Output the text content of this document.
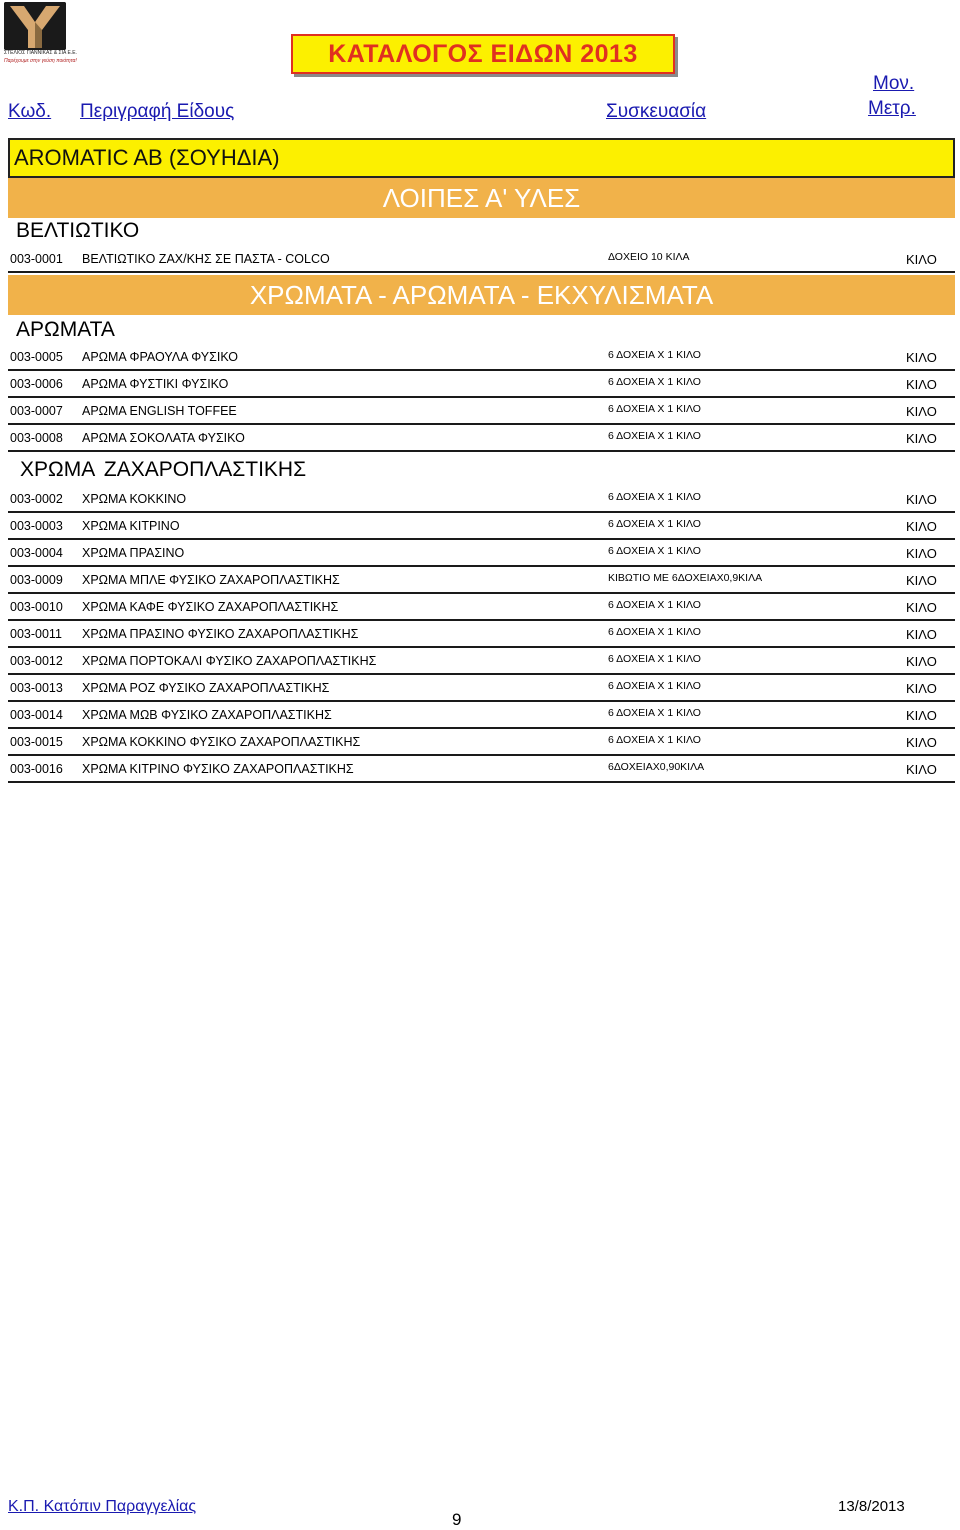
ΣΤΕΛΙΟΣ ΓΙΑΝΝΙΚΑΣ & ΣΙΑ Ε.Ε.
Παρέχουμε στην γεύση ποιότητα!	ΚΑΤΑΛΟΓΟΣ ΕΙΔΩΝ 2013
Κωδ. Περιγραφή Είδους	Συσκευασία
Μον.
Μετρ.
AROMATIC AB (ΣΟΥΗΔΙΑ)
ΛΟΙΠΕΣ Α' ΥΛΕΣ
ΒΕΛΤΙΩΤΙΚΟ
003-0001 ΒΕΛΤΙΩΤΙΚΟ ΖΑΧ/ΚΗΣ ΣΕ ΠΑΣΤΑ - COLCO	ΔΟΧΕΙΟ 10 ΚΙΛΑ	ΚΙΛΟ
ΧΡΩΜΑΤΑ - ΑΡΩΜΑΤΑ - ΕΚΧΥΛΙΣΜΑΤΑ
ΑΡΩΜΑΤΑ
003-0005 ΑΡΩΜΑ ΦΡΑΟΥΛΑ ΦΥΣΙΚΟ	6 ΔΟΧΕΙΑ Χ 1 ΚΙΛΟ	ΚΙΛΟ
003-0006 ΑΡΩΜΑ ΦΥΣΤΙΚΙ ΦΥΣΙΚΟ	6 ΔΟΧΕΙΑ Χ 1 ΚΙΛΟ	ΚΙΛΟ
003-0007 ΑΡΩΜΑ ENGLISH TOFFEE	6 ΔΟΧΕΙΑ Χ 1 ΚΙΛΟ	ΚΙΛΟ
003-0008 ΑΡΩΜΑ ΣΟΚΟΛΑΤΑ ΦΥΣΙΚΟ	6 ΔΟΧΕΙΑ Χ 1 ΚΙΛΟ	ΚΙΛΟ
ΧΡΩΜΑ ΖΑΧΑΡΟΠΛΑΣΤΙΚΗΣ
003-0002 ΧΡΩΜΑ ΚΟΚΚΙΝΟ	6 ΔΟΧΕΙΑ Χ 1 ΚΙΛΟ	ΚΙΛΟ
003-0003 ΧΡΩΜΑ ΚΙΤΡΙΝΟ	6 ΔΟΧΕΙΑ Χ 1 ΚΙΛΟ	ΚΙΛΟ
003-0004 ΧΡΩΜΑ ΠΡΑΣΙΝΟ	6 ΔΟΧΕΙΑ Χ 1 ΚΙΛΟ	ΚΙΛΟ
003-0009 ΧΡΩΜΑ ΜΠΛΕ ΦΥΣΙΚΟ ΖΑΧΑΡΟΠΛΑΣΤΙΚΗΣ	ΚΙΒΩΤΙΟ ΜΕ 6ΔΟΧΕΙΑΧ0,9ΚΙΛΑ	ΚΙΛΟ
003-0010 ΧΡΩΜΑ ΚΑΦΕ ΦΥΣΙΚΟ ΖΑΧΑΡΟΠΛΑΣΤΙΚΗΣ	6 ΔΟΧΕΙΑ Χ 1 ΚΙΛΟ	ΚΙΛΟ
003-0011 ΧΡΩΜΑ ΠΡΑΣΙΝΟ ΦΥΣΙΚΟ ΖΑΧΑΡΟΠΛΑΣΤΙΚΗΣ	6 ΔΟΧΕΙΑ Χ 1 ΚΙΛΟ	ΚΙΛΟ
003-0012 ΧΡΩΜΑ ΠΟΡΤΟΚΑΛΙ ΦΥΣΙΚΟ ΖΑΧΑΡΟΠΛΑΣΤΙΚΗΣ	6 ΔΟΧΕΙΑ Χ 1 ΚΙΛΟ	ΚΙΛΟ
003-0013 ΧΡΩΜΑ ΡΟΖ ΦΥΣΙΚΟ ΖΑΧΑΡΟΠΛΑΣΤΙΚΗΣ	6 ΔΟΧΕΙΑ Χ 1 ΚΙΛΟ	ΚΙΛΟ
003-0014 ΧΡΩΜΑ ΜΩΒ ΦΥΣΙΚΟ ΖΑΧΑΡΟΠΛΑΣΤΙΚΗΣ	6 ΔΟΧΕΙΑ Χ 1 ΚΙΛΟ	ΚΙΛΟ
003-0015 ΧΡΩΜΑ ΚΟΚΚΙΝΟ ΦΥΣΙΚΟ ΖΑΧΑΡΟΠΛΑΣΤΙΚΗΣ	6 ΔΟΧΕΙΑ Χ 1 ΚΙΛΟ	ΚΙΛΟ
003-0016 ΧΡΩΜΑ ΚΙΤΡΙΝΟ ΦΥΣΙΚΟ ΖΑΧΑΡΟΠΛΑΣΤΙΚΗΣ	6ΔΟΧΕΙΑΧ0,90ΚΙΛΑ	ΚΙΛΟ
Κ.Π. Κατόπιν Παραγγελίας
9
13/8/2013
